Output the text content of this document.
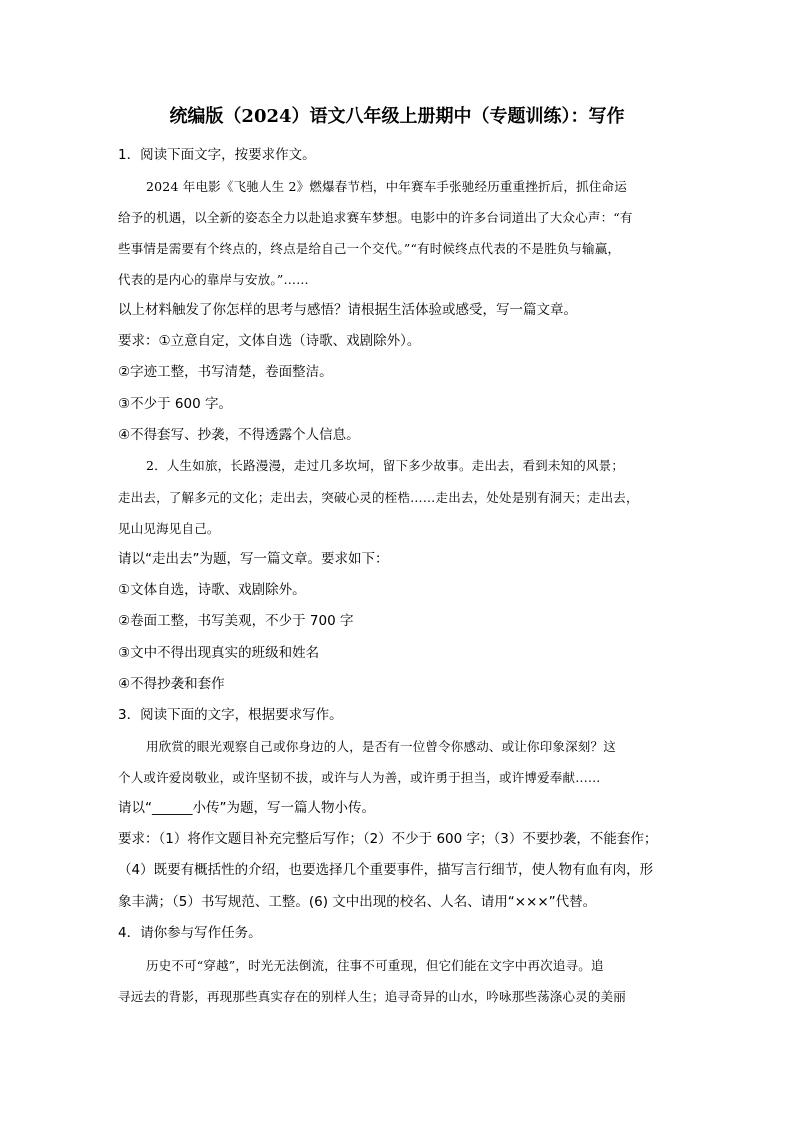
统编版（2024）语文八年级上册期中（专题训练）：写作
1．阅读下面文字，按要求作文。
2024 年电影《飞驰人生 2》燃爆春节档，中年赛车手张驰经历重重挫折后，抓住命运
给予的机遇，以全新的姿态全力以赴追求赛车梦想。电影中的许多台词道出了大众心声：“有
些事情是需要有个终点的，终点是给自己一个交代。”“有时候终点代表的不是胜负与输赢，
代表的是内心的靠岸与安放。”……
以上材料触发了你怎样的思考与感悟？请根据生活体验或感受，写一篇文章。
要求：①立意自定，文体自选（诗歌、戏剧除外）。
②字迹工整，书写清楚，卷面整洁。
③不少于 600 字。
④不得套写、抄袭，不得透露个人信息。
2．人生如旅，长路漫漫，走过几多坎坷，留下多少故事。走出去，看到未知的风景；
走出去，了解多元的文化；走出去，突破心灵的桎梏……走出去，处处是别有洞天；走出去，
见山见海见自己。
请以“走出去”为题，写一篇文章。要求如下：
①文体自选，诗歌、戏剧除外。
②卷面工整，书写美观，不少于 700 字
③文中不得出现真实的班级和姓名
④不得抄袭和套作
3．阅读下面的文字，根据要求写作。
用欣赏的眼光观察自己或你身边的人，是否有一位曾令你感动、或让你印象深刻？这
个人或许爱岗敬业，或许坚韧不拔，或许与人为善，或许勇于担当，或许博爱奉献……
请以“______小传”为题，写一篇人物小传。
要求：（1）将作文题目补充完整后写作；（2）不少于 600 字；（3）不要抄袭，不能套作；
（4）既要有概括性的介绍，也要选择几个重要事件，描写言行细节，使人物有血有肉，形
象丰满；（5）书写规范、工整。(6) 文中出现的校名、人名、请用“×××”代替。
4．请你参与写作任务。
历史不可“穿越”，时光无法倒流，往事不可重现，但它们能在文字中再次追寻。追
寻远去的背影，再现那些真实存在的别样人生；追寻奇异的山水，吟咏那些荡涤心灵的美丽
